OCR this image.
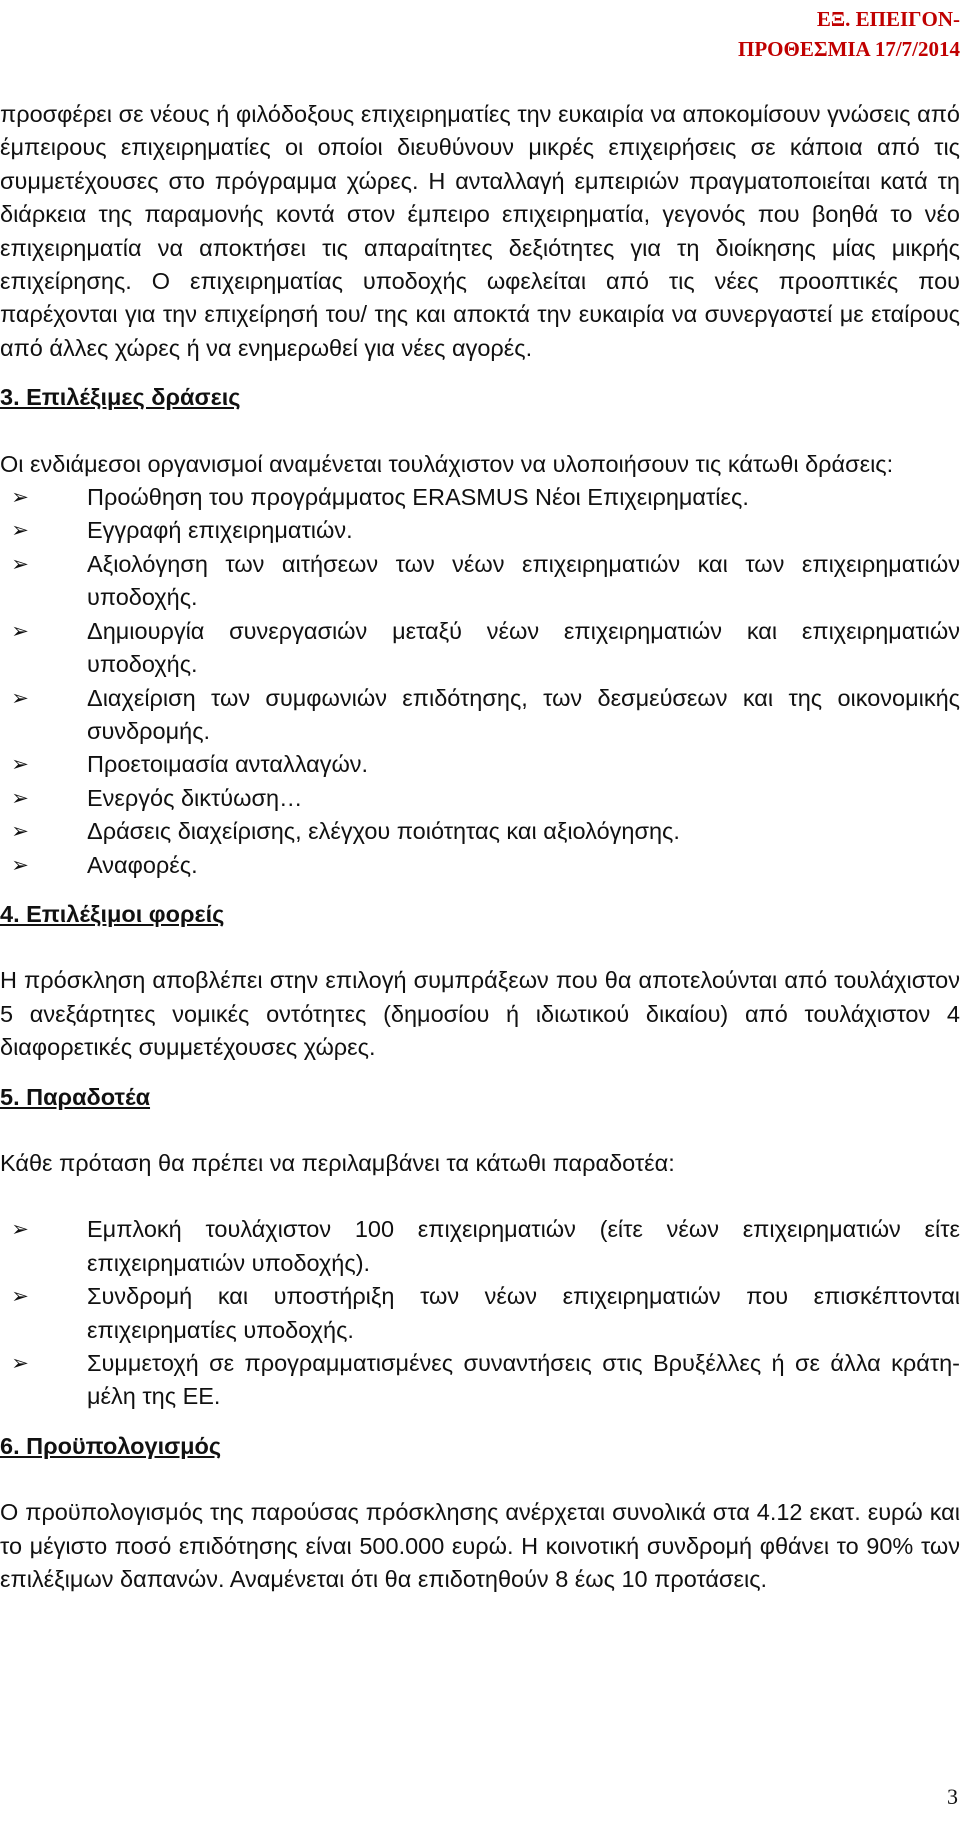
ΕΞ. ΕΠΕΙΓΟΝ-
ΠΡΟΘΕΣΜΙΑ 17/7/2014

προσφέρει σε νέους ή φιλόδοξους επιχειρηματίες την ευκαιρία να αποκομίσουν γνώσεις από έμπειρους επιχειρηματίες οι οποίοι διευθύνουν μικρές επιχειρήσεις σε κάποια από τις συμμετέχουσες στο πρόγραμμα χώρες. Η ανταλλαγή εμπειριών πραγματοποιείται κατά τη διάρκεια της παραμονής κοντά στον έμπειρο επιχειρηματία, γεγονός που βοηθά το νέο επιχειρηματία να αποκτήσει τις απαραίτητες δεξιότητες για τη διοίκησης μίας μικρής επιχείρησης. Ο επιχειρηματίας υποδοχής ωφελείται από τις νέες προοπτικές που παρέχονται για την επιχείρησή του/ της και αποκτά την ευκαιρία να συνεργαστεί με εταίρους από άλλες χώρες ή να ενημερωθεί για νέες αγορές.

3. Επιλέξιμες δράσεις

Οι ενδιάμεσοι οργανισμοί αναμένεται τουλάχιστον να υλοποιήσουν τις κάτωθι δράσεις:

➢	Προώθηση του προγράμματος ERASMUS Νέοι Επιχειρηματίες.
➢	Εγγραφή επιχειρηματιών.
➢	Αξιολόγηση των αιτήσεων των νέων επιχειρηματιών και των επιχειρηματιών υποδοχής.
➢	Δημιουργία συνεργασιών μεταξύ νέων επιχειρηματιών και επιχειρηματιών υποδοχής.
➢	Διαχείριση των συμφωνιών επιδότησης, των δεσμεύσεων και της οικονομικής συνδρομής.
➢	Προετοιμασία ανταλλαγών.
➢	Ενεργός δικτύωση…
➢	Δράσεις διαχείρισης, ελέγχου ποιότητας και αξιολόγησης.
➢	Αναφορές.
4. Επιλέξιμοι φορείς

Η πρόσκληση αποβλέπει στην επιλογή συμπράξεων που θα αποτελούνται από τουλάχιστον 5 ανεξάρτητες νομικές οντότητες (δημοσίου ή ιδιωτικού δικαίου) από τουλάχιστον 4 διαφορετικές συμμετέχουσες χώρες.

5. Παραδοτέα

Κάθε πρόταση θα πρέπει να περιλαμβάνει τα κάτωθι παραδοτέα:

➢	Εμπλοκή τουλάχιστον 100 επιχειρηματιών (είτε νέων επιχειρηματιών είτε επιχειρηματιών υποδοχής).
➢	Συνδρομή και υποστήριξη των νέων επιχειρηματιών που επισκέπτονται επιχειρηματίες υποδοχής.
➢	Συμμετοχή σε προγραμματισμένες συναντήσεις στις Βρυξέλλες ή σε άλλα κράτη-μέλη της ΕΕ.
6. Προϋπολογισμός

Ο προϋπολογισμός της παρούσας πρόσκλησης ανέρχεται συνολικά στα 4.12 εκατ. ευρώ και το μέγιστο ποσό επιδότησης είναι 500.000 ευρώ. Η κοινοτική συνδρομή φθάνει το 90% των επιλέξιμων δαπανών. Αναμένεται ότι θα επιδοτηθούν 8 έως 10 προτάσεις.

3
